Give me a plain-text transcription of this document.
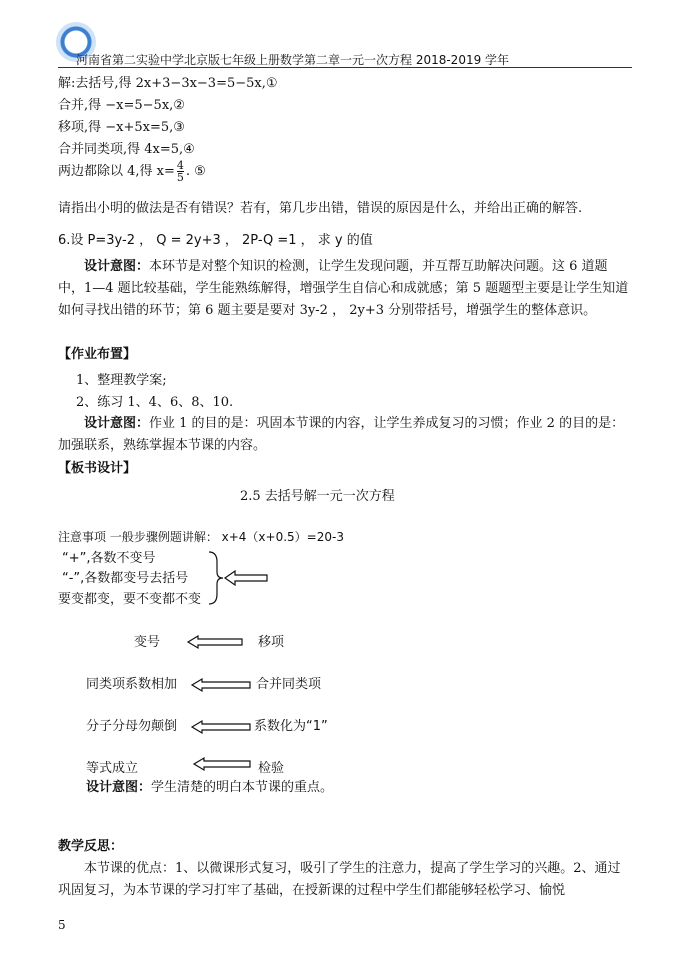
河南省第二实验中学北京版七年级上册数学第二章一元一次方程 2018-2019 学年
解:去括号,得 2x+3−3x−3=5−5x,①
合并,得 −x=5−5x,②
移项,得 −x+5x=5,③
合并同类项,得 4x=5,④
两边都除以 4,得 $x= \frac{4}{5}$ . ⑤
请指出小明的做法是否有错误？若有，第几步出错，错误的原因是什么，并给出正确的解答.
6.设 P=3y-2 ， Q = 2y+3 ， 2P-Q =1 ， 求 y 的值
设计意图：本环节是对整个知识的检测，让学生发现问题，并互帮互助解决问题。这 6 道题中，1—4 题比较基础，学生能熟练解得，增强学生自信心和成就感；第 5 题题型主要是让学生知道如何寻找出错的环节；第 6 题主要是要对 3y-2 ， 2y+3 分别带括号，增强学生的整体意识。
【作业布置】
1、整理教学案;
2、练习 1、4、6、8、10.
设计意图：作业 1 的目的是：巩固本节课的内容，让学生养成复习的习惯；作业 2 的目的是：加强联系，熟练掌握本节课的内容。
【板书设计】
2.5 去括号解一元一次方程
注意事项 一般步骤例题讲解： x+4（x+0.5）=20-3
“+”,各数不变号
“-”,各数都变号去括号
要变都变，要不变都不变
变号	移项
同类项系数相加	合并同类项
分子分母勿颠倒	系数化为“1”
等式成立	检验
设计意图：学生清楚的明白本节课的重点。
教学反思：
本节课的优点：1、以微课形式复习，吸引了学生的注意力，提高了学生学习的兴趣。2、通过巩固复习，为本节课的学习打牢了基础，在授新课的过程中学生们都能够轻松学习、愉悦
5
